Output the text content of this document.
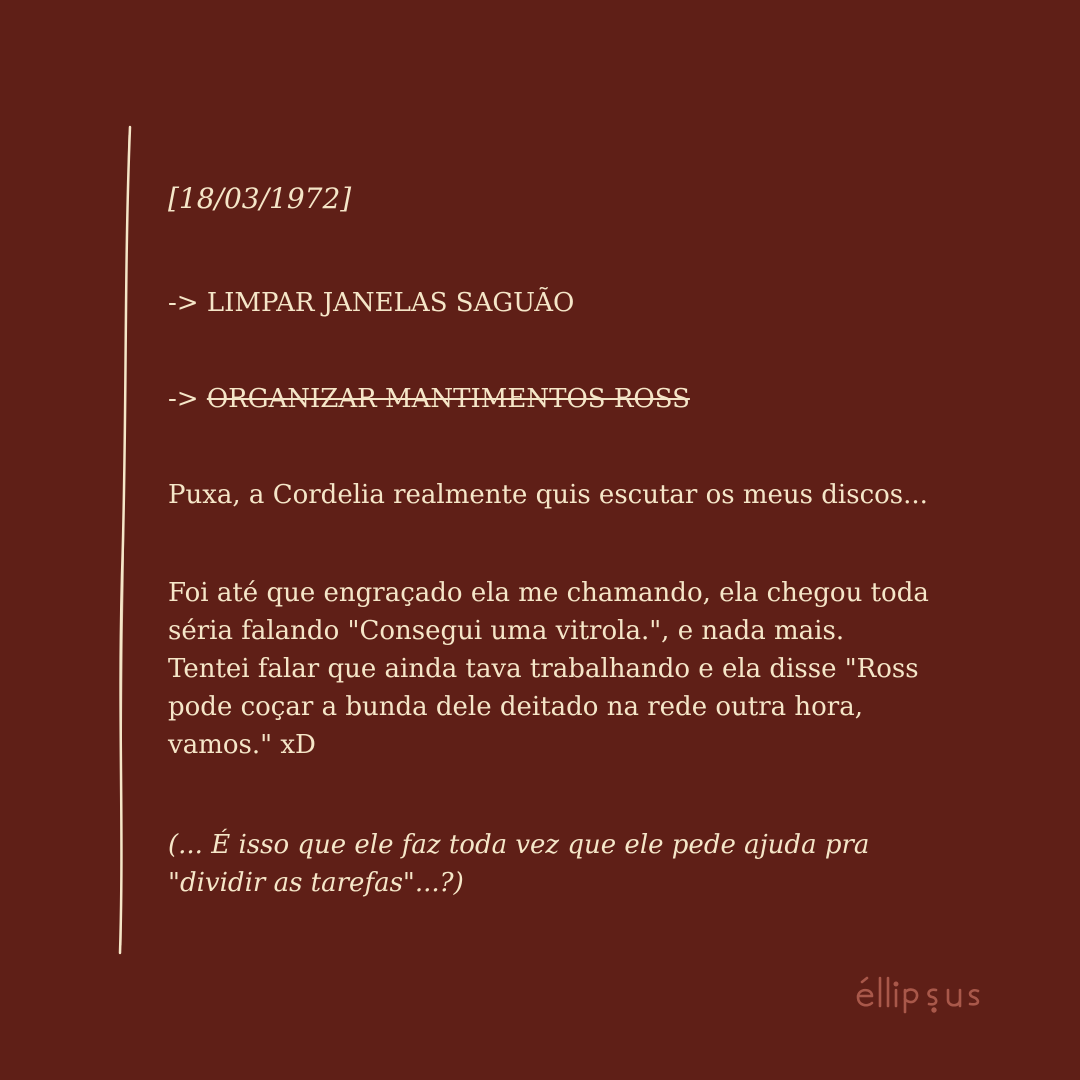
[18/03/1972]

-> LIMPAR JANELAS SAGUÃO

-> ORGANIZAR MANTIMENTOS ROSS

Puxa, a Cordelia realmente quis escutar os meus discos...

Foi até que engraçado ela me chamando, ela chegou toda

séria falando "Consegui uma vitrola.", e nada mais.

Tentei falar que ainda tava trabalhando e ela disse "Ross

pode coçar a bunda dele deitado na rede outra hora,

vamos." xD

(... É isso que ele faz toda vez que ele pede ajuda pra

"dividir as tarefas"...?)
